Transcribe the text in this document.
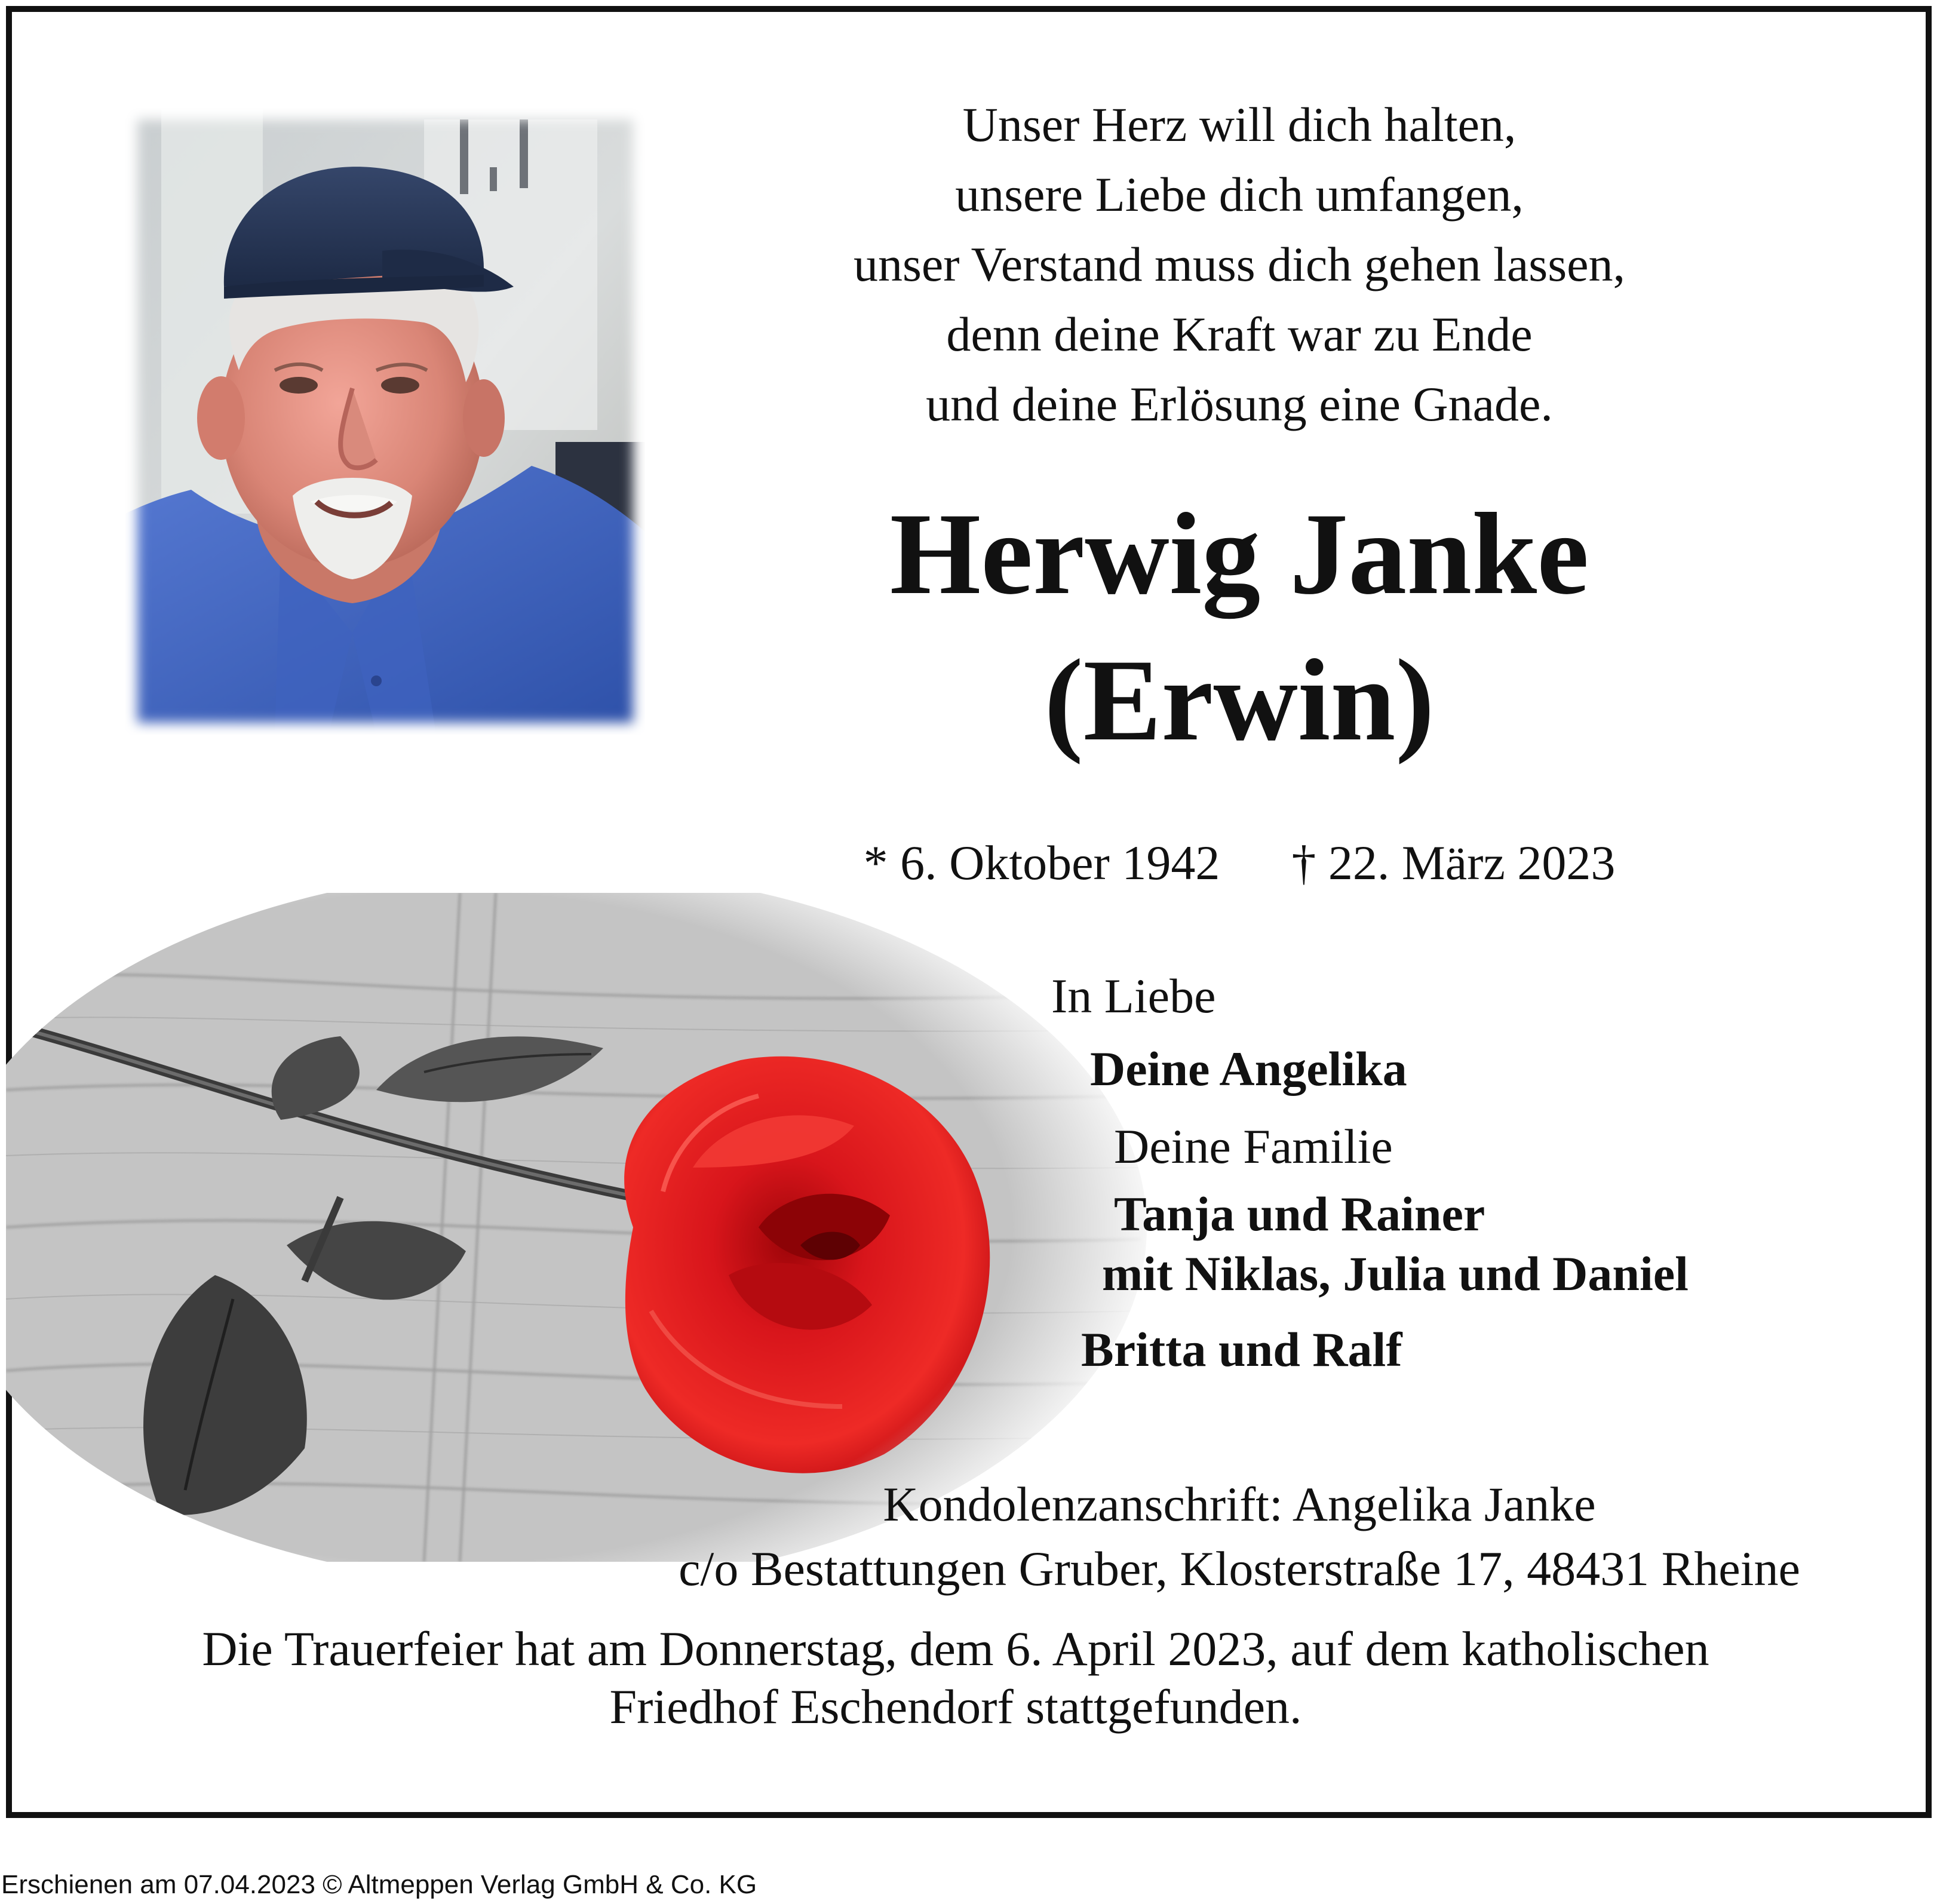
Unser Herz will dich halten,
unsere Liebe dich umfangen,
unser Verstand muss dich gehen lassen,
denn deine Kraft war zu Ende
und deine Erlösung eine Gnade.
Herwig Janke
(Erwin)
* 6. Oktober 1942 † 22. März 2023
In Liebe
Deine Angelika
Deine Familie
Tanja und Rainer
mit Niklas, Julia und Daniel
Britta und Ralf
Kondolenzanschrift: Angelika Janke
c/o Bestattungen Gruber, Klosterstraße 17, 48431 Rheine
Die Trauerfeier hat am Donnerstag, dem 6. April 2023, auf dem katholischen
Friedhof Eschendorf stattgefunden.
Erschienen am 07.04.2023 © Altmeppen Verlag GmbH & Co. KG
